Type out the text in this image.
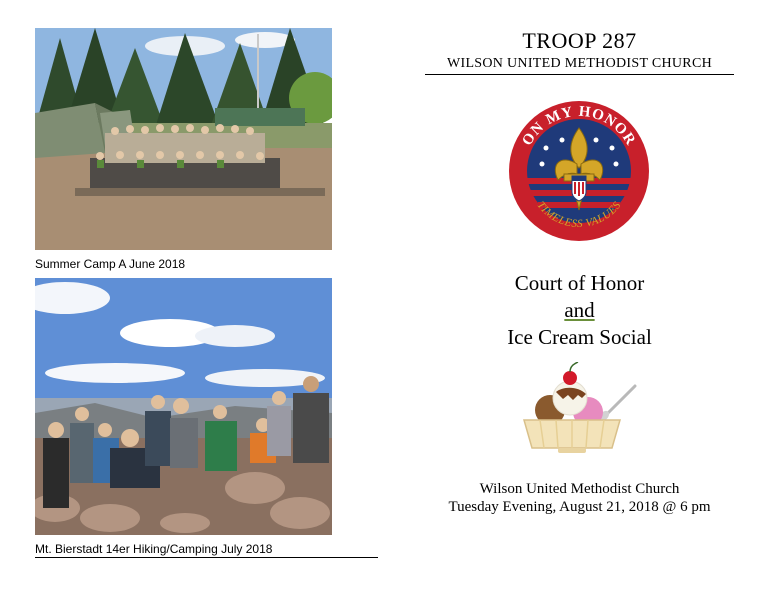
Summer Camp A June 2018
Mt. Bierstadt 14er Hiking/Camping July 2018
TROOP 287
WILSON UNITED METHODIST CHURCH
ON MY HONOR
TIMELESS VALUES
Court of Honor
and
Ice Cream Social
Wilson United Methodist Church
Tuesday Evening, August 21, 2018 @ 6 pm
